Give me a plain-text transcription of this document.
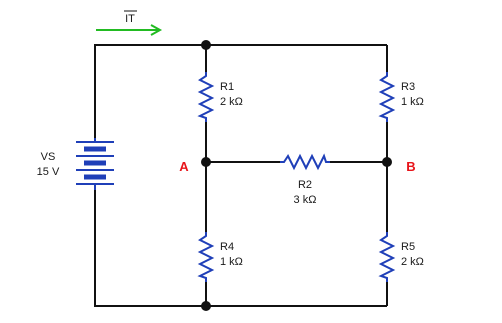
IT
VS
15 V
R1
2 kΩ
R3
1 kΩ
R2
3 kΩ
R4
1 kΩ
R5
2 kΩ
A	B
